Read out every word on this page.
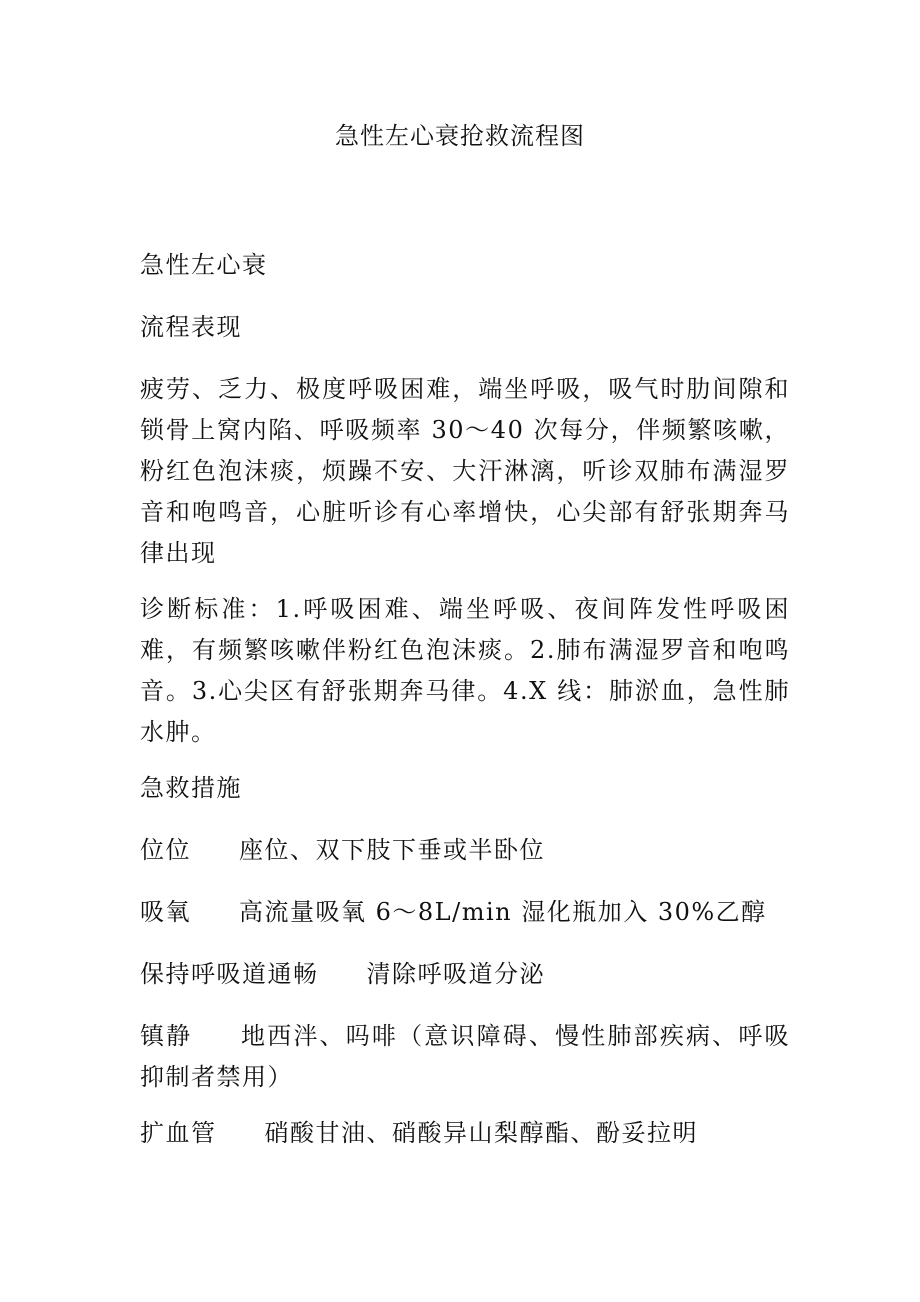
急性左心衰抢救流程图

急性左心衰

流程表现

疲劳、乏力、极度呼吸困难，端坐呼吸，吸气时肋间隙和锁骨上窝内陷、呼吸频率 30～40 次每分，伴频繁咳嗽，粉红色泡沫痰，烦躁不安、大汗淋漓，听诊双肺布满湿罗音和咆鸣音，心脏听诊有心率增快，心尖部有舒张期奔马律出现

诊断标准：1.呼吸困难、端坐呼吸、夜间阵发性呼吸困难，有频繁咳嗽伴粉红色泡沫痰。2.肺布满湿罗音和咆鸣音。3.心尖区有舒张期奔马律。4.X 线：肺淤血，急性肺水肿。

急救措施

位位 座位、双下肢下垂或半卧位

吸氧 高流量吸氧 6～8L/min 湿化瓶加入 30%乙醇

保持呼吸道通畅 清除呼吸道分泌

镇静 地西泮、吗啡（意识障碍、慢性肺部疾病、呼吸抑制者禁用）

扩血管 硝酸甘油、硝酸异山梨醇酯、酚妥拉明
